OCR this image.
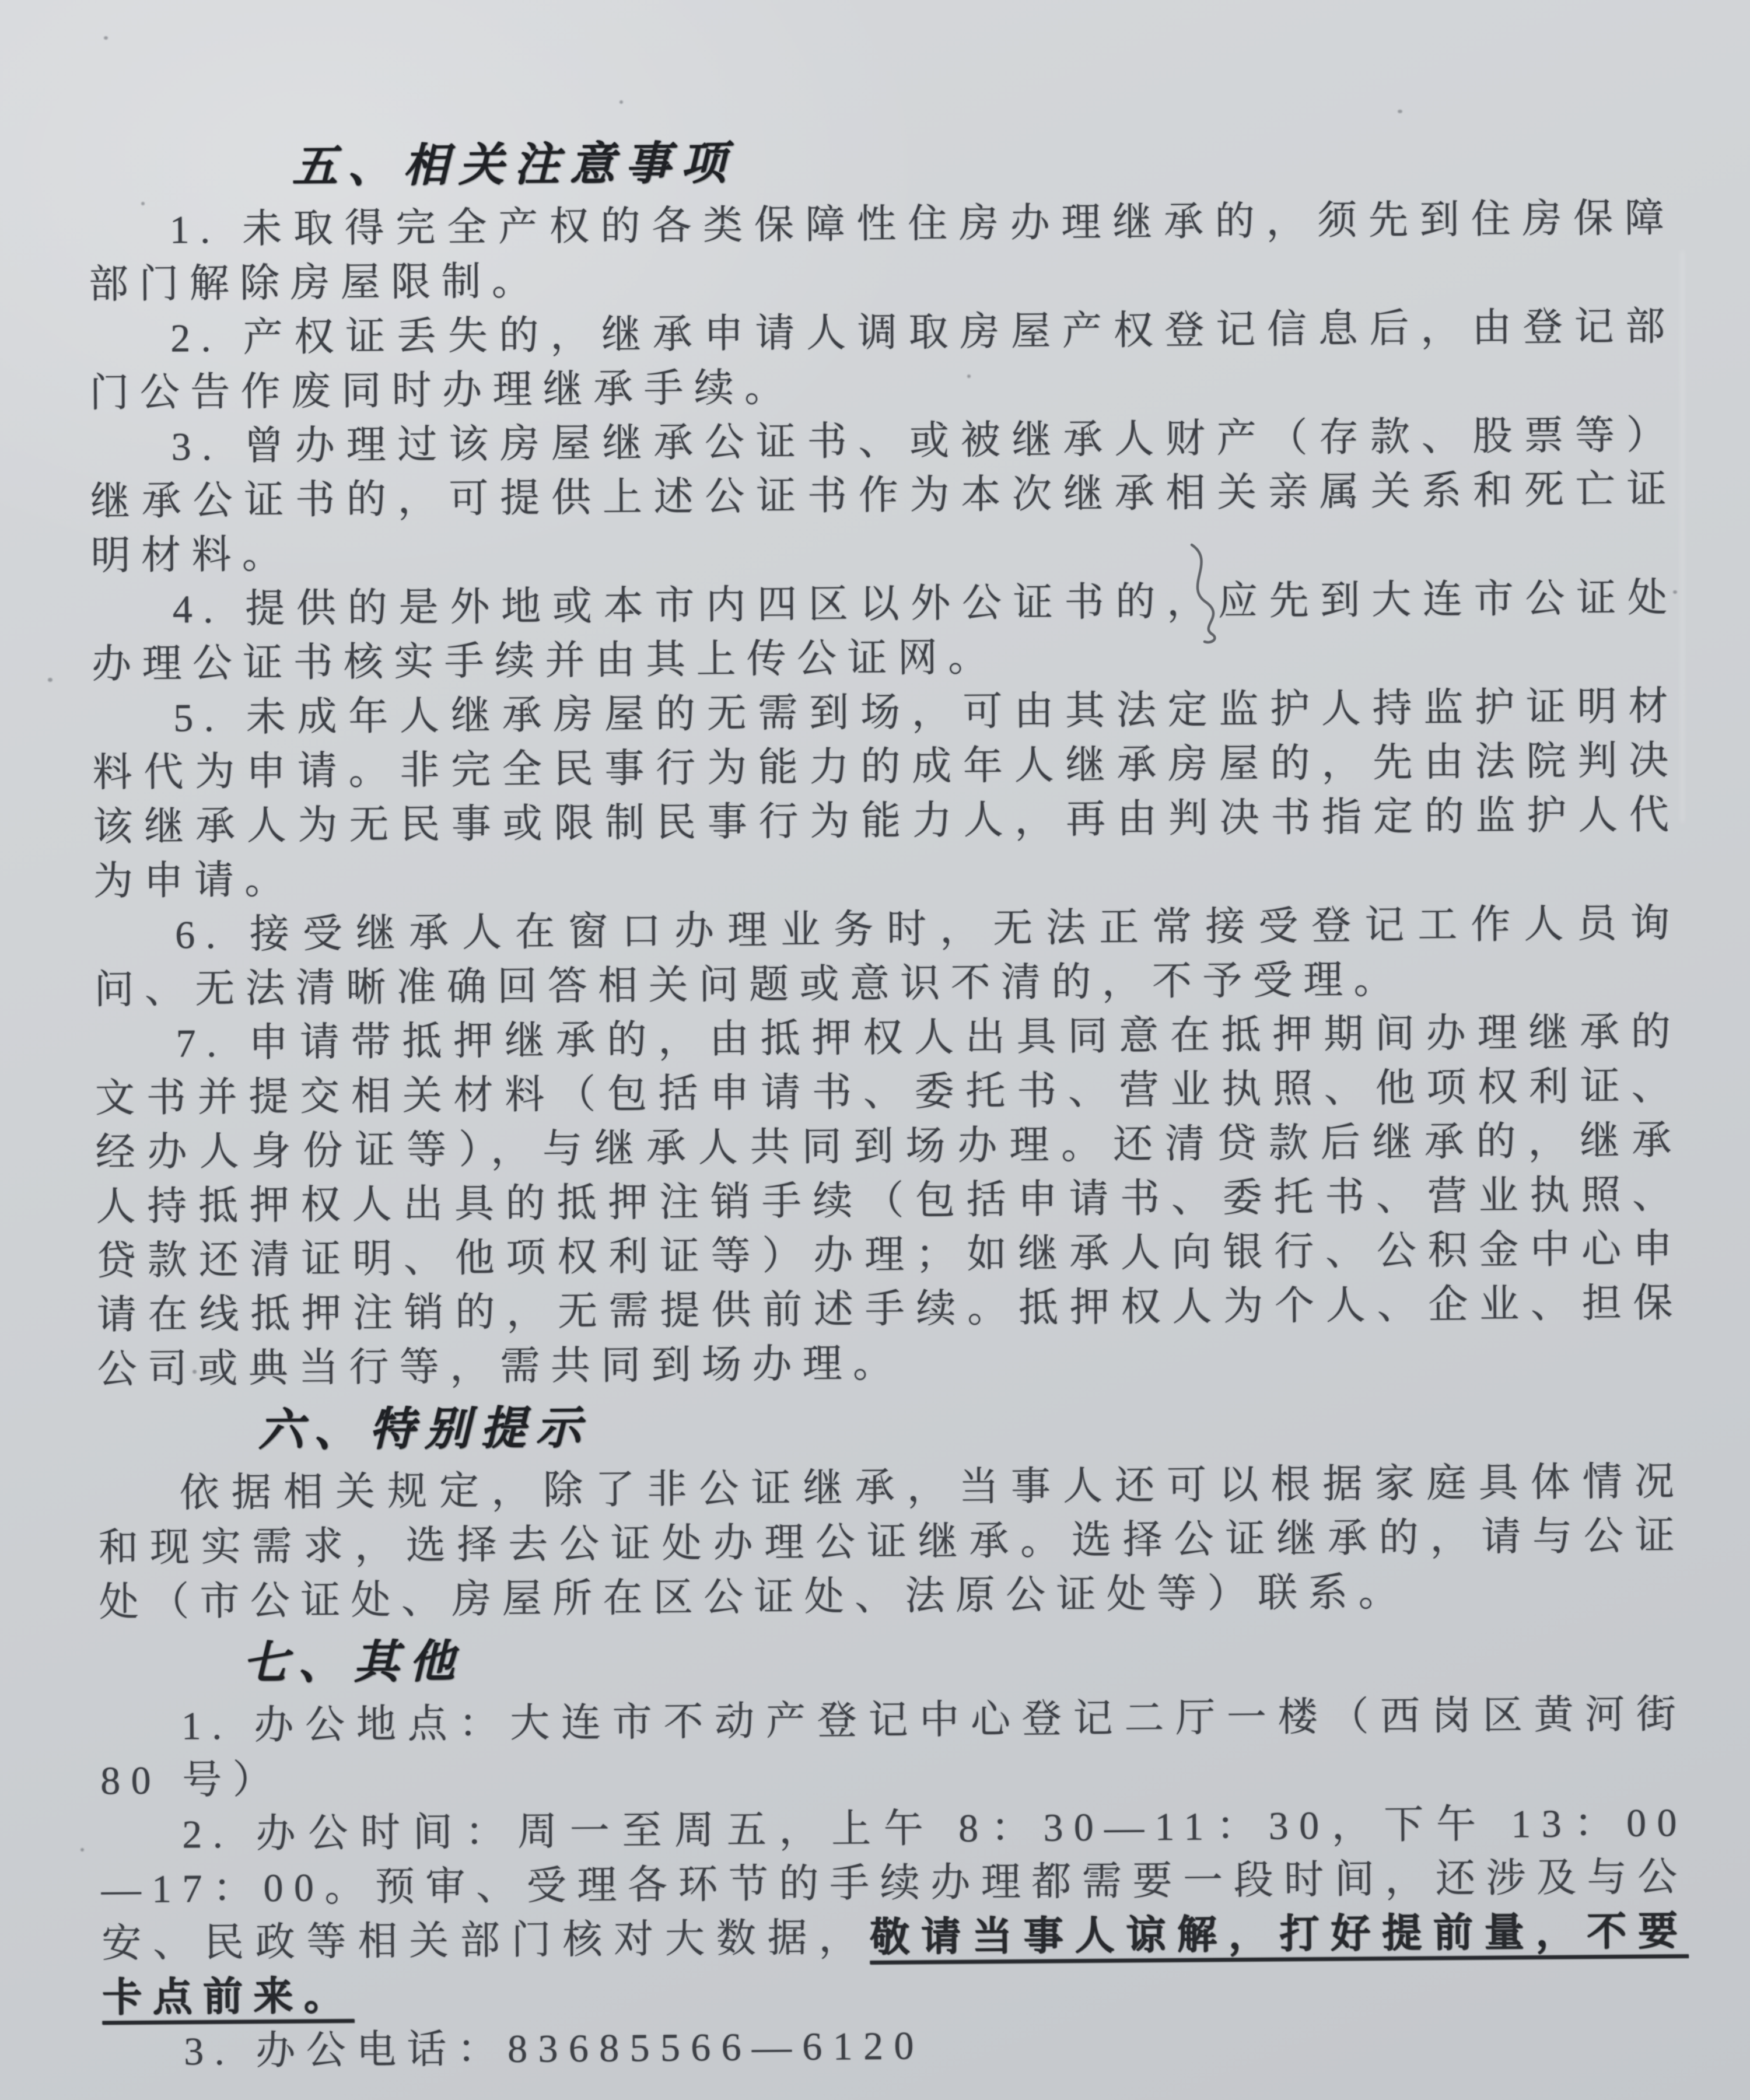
五、相关注意事项

1. 未取得完全产权的各类保障性住房办理继承的，须先到住房保障部门解除房屋限制。

2. 产权证丢失的，继承申请人调取房屋产权登记信息后，由登记部门公告作废同时办理继承手续。

3. 曾办理过该房屋继承公证书、或被继承人财产（存款、股票等）继承公证书的，可提供上述公证书作为本次继承相关亲属关系和死亡证明材料。

4. 提供的是外地或本市内四区以外公证书的，应先到大连市公证处办理公证书核实手续并由其上传公证网。

5. 未成年人继承房屋的无需到场，可由其法定监护人持监护证明材料代为申请。非完全民事行为能力的成年人继承房屋的，先由法院判决该继承人为无民事或限制民事行为能力人，再由判决书指定的监护人代为申请。

6. 接受继承人在窗口办理业务时，无法正常接受登记工作人员询问、无法清晰准确回答相关问题或意识不清的，不予受理。

7. 申请带抵押继承的，由抵押权人出具同意在抵押期间办理继承的文书并提交相关材料（包括申请书、委托书、营业执照、他项权利证、经办人身份证等），与继承人共同到场办理。还清贷款后继承的，继承人持抵押权人出具的抵押注销手续（包括申请书、委托书、营业执照、贷款还清证明、他项权利证等）办理；如继承人向银行、公积金中心申请在线抵押注销的，无需提供前述手续。抵押权人为个人、企业、担保公司或典当行等，需共同到场办理。

六、特别提示

依据相关规定，除了非公证继承，当事人还可以根据家庭具体情况和现实需求，选择去公证处办理公证继承。选择公证继承的，请与公证处（市公证处、房屋所在区公证处、法原公证处等）联系。

七、其他

1. 办公地点：大连市不动产登记中心登记二厅一楼（西岗区黄河街 80 号）

2. 办公时间：周一至周五，上午 8：30—11：30，下午 13：00—17：00。预审、受理各环节的手续办理都需要一段时间，还涉及与公安、民政等相关部门核对大数据，敬请当事人谅解，打好提前量，不要卡点前来。

3. 办公电话：83685566—6120
